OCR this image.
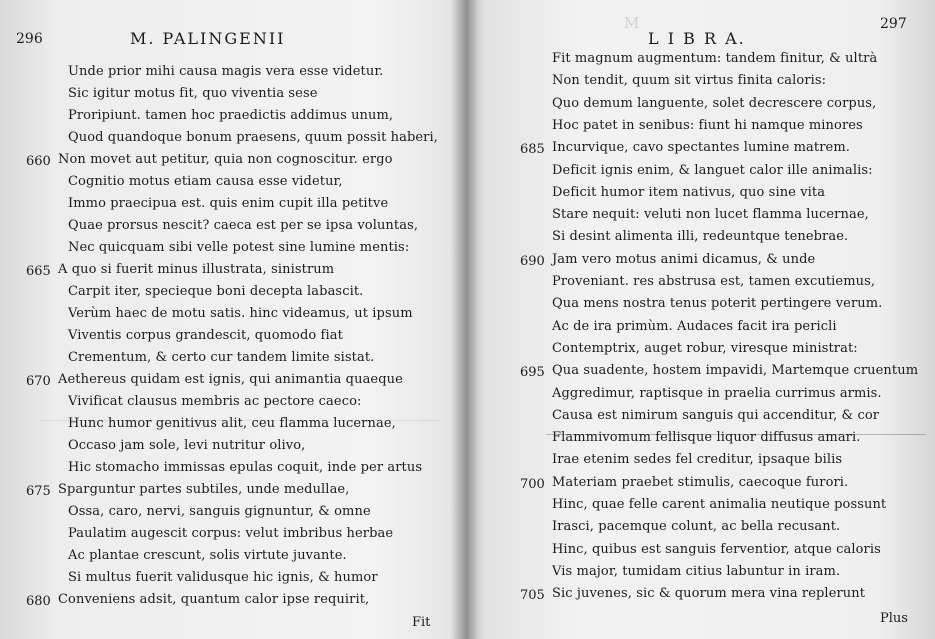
296	M. PALINGENII
Unde prior mihi causa magis vera esse videtur.
Sic igitur motus fit, quo viventia sese
Proripiunt. tamen hoc praedictis addimus unum,
Quod quandoque bonum praesens, quum possit haberi,
660 Non movet aut petitur, quia non cognoscitur. ergo
Cognitio motus etiam causa esse videtur,
Immo praecipua est. quis enim cupit illa petitve
Quae prorsus nescit? caeca est per se ipsa voluntas,
Nec quicquam sibi velle potest sine lumine mentis:
665 A quo si fuerit minus illustrata, sinistrum
Carpit iter, specieque boni decepta labascit.
Verùm haec de motu satis. hinc videamus, ut ipsum
Viventis corpus grandescit, quomodo fiat
Crementum, & certo cur tandem limite sistat.
670 Aethereus quidam est ignis, qui animantia quaeque
Vivificat clausus membris ac pectore caeco:
Hunc humor genitivus alit, ceu flamma lucernae,
Occaso jam sole, levi nutritur olivo,
Hic stomacho immissas epulas coquit, inde per artus
675 Sparguntur partes subtiles, unde medullae,
Ossa, caro, nervi, sanguis gignuntur, & omne
Paulatim augescit corpus: velut imbribus herbae
Ac plantae crescunt, solis virtute juvante.
Si multus fuerit validusque hic ignis, & humor
680 Conveniens adsit, quantum calor ipse requirit,
Fit
M
L I B R A.
297
Fit magnum augmentum: tandem finitur, & ultrà
Non tendit, quum sit virtus finita caloris:
Quo demum languente, solet decrescere corpus,
Hoc patet in senibus: fiunt hi namque minores
685 Incurvique, cavo spectantes lumine matrem.
Deficit ignis enim, & languet calor ille animalis:
Deficit humor item nativus, quo sine vita
Stare nequit: veluti non lucet flamma lucernae,
Si desint alimenta illi, redeuntque tenebrae.
690 Jam vero motus animi dicamus, & unde
Proveniant. res abstrusa est, tamen excutiemus,
Qua mens nostra tenus poterit pertingere verum.
Ac de ira primùm. Audaces facit ira pericli
Contemptrix, auget robur, viresque ministrat:
695 Qua suadente, hostem impavidi, Martemque cruentum
Aggredimur, raptisque in praelia currimus armis.
Causa est nimirum sanguis qui accenditur, & cor
Flammivomum fellisque liquor diffusus amari.
Irae etenim sedes fel creditur, ipsaque bilis
700 Materiam praebet stimulis, caecoque furori.
Hinc, quae felle carent animalia neutique possunt
Irasci, pacemque colunt, ac bella recusant.
Hinc, quibus est sanguis ferventior, atque caloris
Vis major, tumidam citius labuntur in iram.
705 Sic juvenes, sic & quorum mera vina replerunt
Plus
